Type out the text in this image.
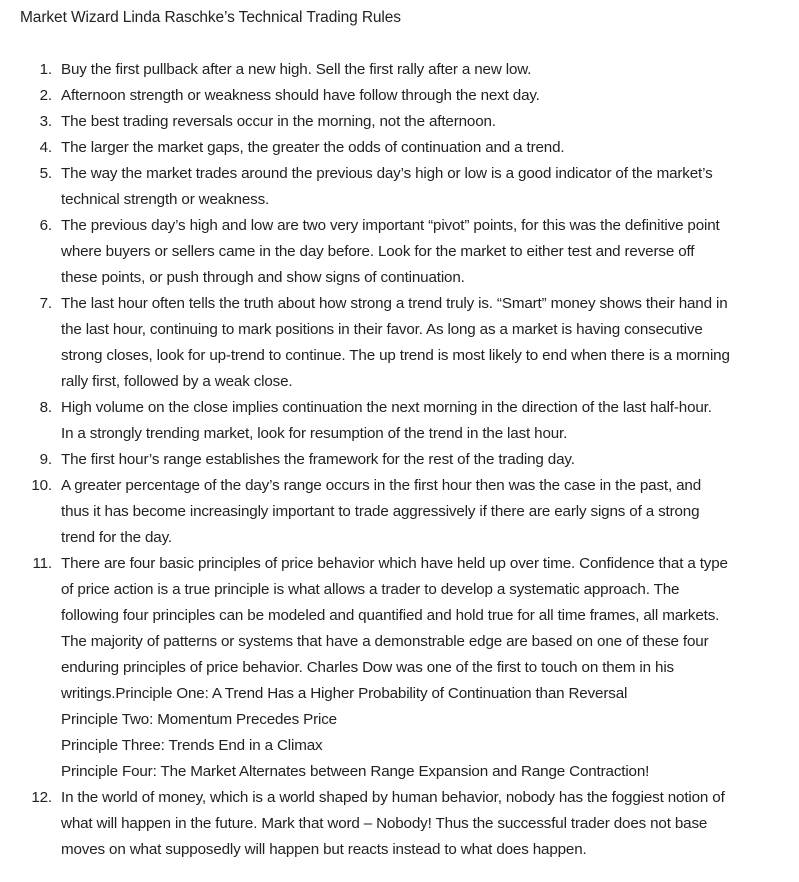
Market Wizard Linda Raschke’s Technical Trading Rules
1. Buy the first pullback after a new high. Sell the first rally after a new low.
2. Afternoon strength or weakness should have follow through the next day.
3. The best trading reversals occur in the morning, not the afternoon.
4. The larger the market gaps, the greater the odds of continuation and a trend.
5. The way the market trades around the previous day’s high or low is a good indicator of the market’s
technical strength or weakness.
6. The previous day’s high and low are two very important “pivot” points, for this was the definitive point
where buyers or sellers came in the day before. Look for the market to either test and reverse off
these points, or push through and show signs of continuation.
7. The last hour often tells the truth about how strong a trend truly is. “Smart” money shows their hand in
the last hour, continuing to mark positions in their favor. As long as a market is having consecutive
strong closes, look for up-trend to continue. The up trend is most likely to end when there is a morning
rally first, followed by a weak close.
8. High volume on the close implies continuation the next morning in the direction of the last half-hour.
In a strongly trending market, look for resumption of the trend in the last hour.
9. The first hour’s range establishes the framework for the rest of the trading day.
10. A greater percentage of the day’s range occurs in the first hour then was the case in the past, and
thus it has become increasingly important to trade aggressively if there are early signs of a strong
trend for the day.
11. There are four basic principles of price behavior which have held up over time. Confidence that a type
of price action is a true principle is what allows a trader to develop a systematic approach. The
following four principles can be modeled and quantified and hold true for all time frames, all markets.
The majority of patterns or systems that have a demonstrable edge are based on one of these four
enduring principles of price behavior. Charles Dow was one of the first to touch on them in his
writings.Principle One: A Trend Has a Higher Probability of Continuation than Reversal
Principle Two: Momentum Precedes Price
Principle Three: Trends End in a Climax
Principle Four: The Market Alternates between Range Expansion and Range Contraction!
12. In the world of money, which is a world shaped by human behavior, nobody has the foggiest notion of
what will happen in the future. Mark that word – Nobody! Thus the successful trader does not base
moves on what supposedly will happen but reacts instead to what does happen.
